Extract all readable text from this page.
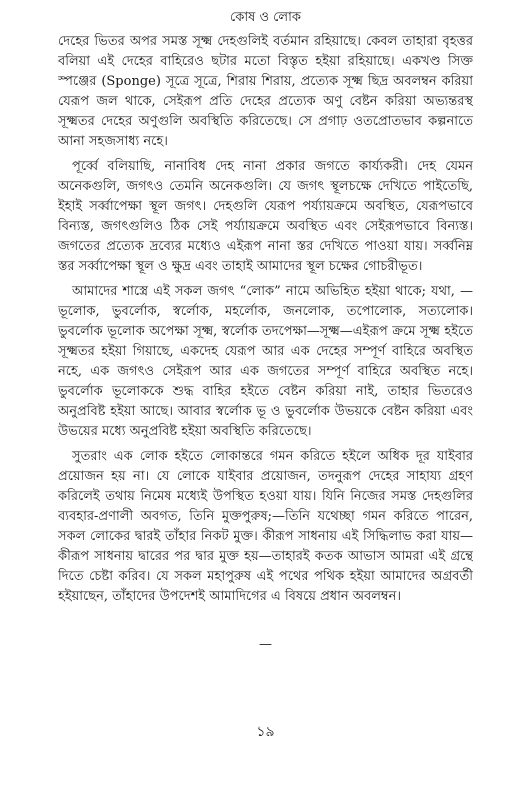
কোষ ও লোক

দেহের ভিতর অপর সমস্ত সূক্ষ্ম দেহগুলিই বর্তমান রহিয়াছে। কেবল তাহারা বৃহত্তর বলিয়া এই দেহের বাহিরেও ছটার মতো বিস্তৃত হইয়া রহিয়াছে। একখণ্ড সিক্ত স্পঞ্জের (Sponge) সূত্রে সূত্রে, শিরায় শিরায়, প্রত্যেক সূক্ষ্ম ছিদ্র অবলম্বন করিয়া যেরূপ জল থাকে, সেইরূপ প্রতি দেহের প্রত্যেক অণু বেষ্টন করিয়া অভ্যন্তরস্থ সূক্ষ্মতর দেহের অণুগুলি অবস্থিতি করিতেছে। সে প্রগাঢ় ওতপ্রোতভাব কল্পনাতে আনা সহজসাধ্য নহে।

পূর্ব্বে বলিয়াছি, নানাবিধ দেহ নানা প্রকার জগতে কার্য্যকরী। দেহ যেমন অনেকগুলি, জগৎও তেমনি অনেকগুলি। যে জগৎ স্থূলচক্ষে দেখিতে পাইতেছি, ইহাই সর্ব্বাপেক্ষা স্থূল জগৎ। দেহগুলি যেরূপ পর্য্যায়ক্রমে অবস্থিত, যেরূপভাবে বিন্যস্ত, জগৎগুলিও ঠিক সেই পর্য্যায়ক্রমে অবস্থিত এবং সেইরূপভাবে বিন্যস্ত। জগতের প্রত্যেক দ্রব্যের মধ্যেও এইরূপ নানা স্তর দেখিতে পাওয়া যায়। সর্ব্বনিম্ন স্তর সর্ব্বাপেক্ষা স্থূল ও ক্ষুদ্র এবং তাহাই আমাদের স্থূল চক্ষের গোচরীভূত।

আমাদের শাস্ত্রে এই সকল জগৎ “লোক” নামে অভিহিত হইয়া থাকে; যথা, —ভূলোক, ভুবর্লোক, স্বর্লোক, মহর্লোক, জনলোক, তপোলোক, সত্যলোক। ভুবর্লোক ভূলোক অপেক্ষা সূক্ষ্ম, স্বর্লোক তদপেক্ষা—সূক্ষ্ম—এইরূপ ক্রমে সূক্ষ্ম হইতে সূক্ষ্মতর হইয়া গিয়াছে, একদেহ যেরূপ আর এক দেহের সম্পূর্ণ বাহিরে অবস্থিত নহে, এক জগৎও সেইরূপ আর এক জগতের সম্পূর্ণ বাহিরে অবস্থিত নহে। ভুবর্লোক ভূলোককে শুদ্ধ বাহির হইতে বেষ্টন করিয়া নাই, তাহার ভিতরেও অনুপ্রবিষ্ট হইয়া আছে। আবার স্বর্লোক ভূ ও ভুবর্লোক উভয়কে বেষ্টন করিয়া এবং উভয়ের মধ্যে অনুপ্রবিষ্ট হইয়া অবস্থিতি করিতেছে।

সুতরাং এক লোক হইতে লোকান্তরে গমন করিতে হইলে অধিক দূর যাইবার প্রয়োজন হয় না। যে লোকে যাইবার প্রয়োজন, তদনুরূপ দেহের সাহায্য গ্রহণ করিলেই তথায় নিমেষ মধ্যেই উপস্থিত হওয়া যায়। যিনি নিজের সমস্ত দেহগুলির ব্যবহার-প্রণালী অবগত, তিনি মুক্তপুরুষ;—তিনি যথেচ্ছা গমন করিতে পারেন, সকল লোকের দ্বারই তাঁহার নিকট মুক্ত। কীরূপ সাধনায় এই সিদ্ধিলাভ করা যায়—কীরূপ সাধনায় দ্বারের পর দ্বার মুক্ত হয়—তাহারই কতক আভাস আমরা এই গ্রন্থে দিতে চেষ্টা করিব। যে সকল মহাপুরুষ এই পথের পথিক হইয়া আমাদের অগ্রবর্তী হইয়াছেন, তাঁহাদের উপদেশই আমাদিগের এ বিষয়ে প্রধান অবলম্বন।

—
১৯
